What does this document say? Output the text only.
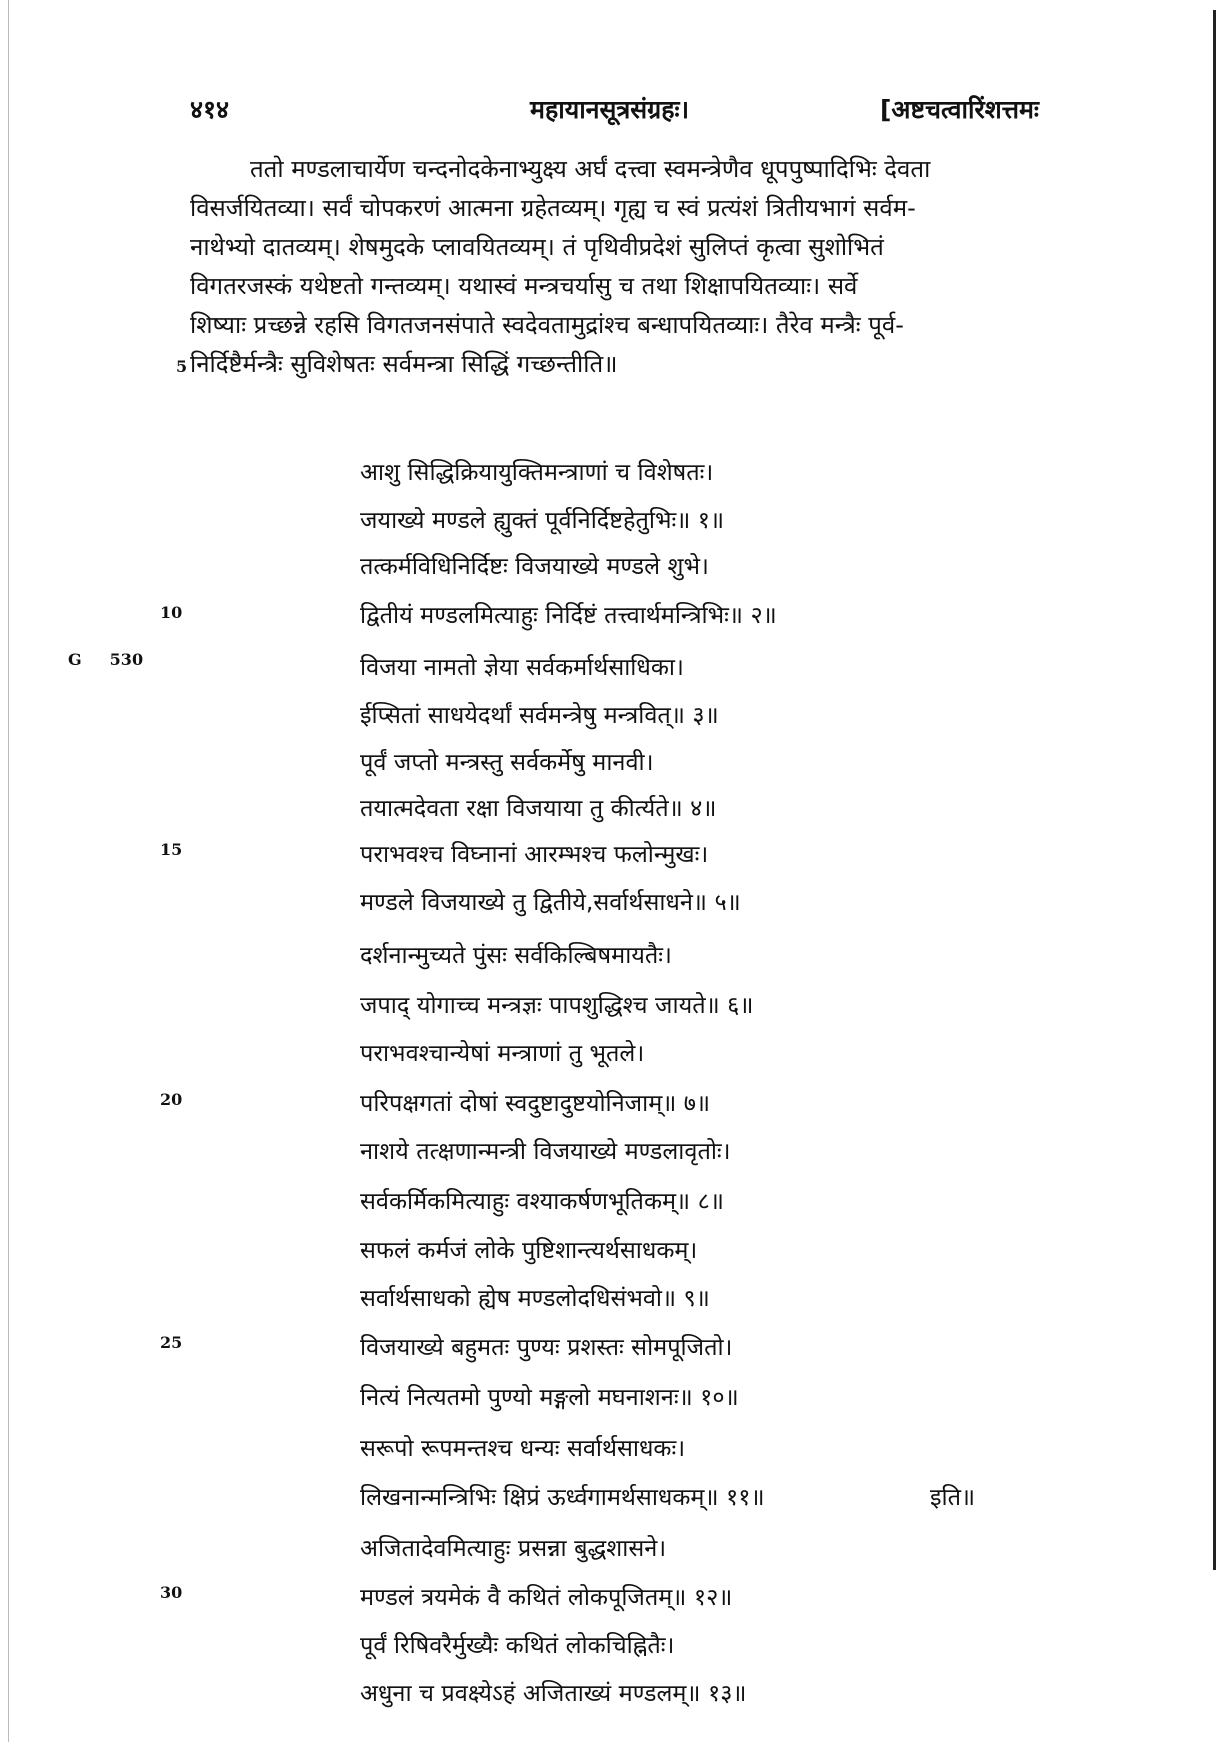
४१४	महायानसूत्रसंग्रहः।	[अष्टचत्वारिंशत्तमः
ततो मण्डलाचार्येण चन्दनोदकेनाभ्युक्ष्य अर्घं दत्त्वा स्वमन्त्रेणैव धूपपुष्पादिभिः देवता
विसर्जयितव्या। सर्वं चोपकरणं आत्मना ग्रहेतव्यम्। गृह्य च स्वं प्रत्यंशं त्रितीयभागं सर्वम-
नाथेभ्यो दातव्यम्। शेषमुदके प्लावयितव्यम्। तं पृथिवीप्रदेशं सुलिप्तं कृत्वा सुशोभितं
विगतरजस्कं यथेष्टतो गन्तव्यम्। यथास्वं मन्त्रचर्यासु च तथा शिक्षापयितव्याः। सर्वे
शिष्याः प्रच्छन्ने रहसि विगतजनसंपाते स्वदेवतामुद्रांश्च बन्धापयितव्याः। तैरेव मन्त्रैः पूर्व-
निर्दिष्टैर्मन्त्रैः सुविशेषतः सर्वमन्त्रा सिद्धिं गच्छन्तीति॥
5
10
15
20
25
30
G 530
आशु सिद्धिक्रियायुक्तिमन्त्राणां च विशेषतः।
जयाख्ये मण्डले ह्युक्तं पूर्वनिर्दिष्टहेतुभिः॥ १॥
तत्कर्मविधिनिर्दिष्टः विजयाख्ये मण्डले शुभे।
द्वितीयं मण्डलमित्याहुः निर्दिष्टं तत्त्वार्थमन्त्रिभिः॥ २॥
विजया नामतो ज्ञेया सर्वकर्मार्थसाधिका।
ईप्सितां साधयेदर्थां सर्वमन्त्रेषु मन्त्रवित्॥ ३॥
पूर्वं जप्तो मन्त्रस्तु सर्वकर्मेषु मानवी।
तयात्मदेवता रक्षा विजयाया तु कीर्त्यते॥ ४॥
पराभवश्च विघ्नानां आरम्भश्च फलोन्मुखः।
मण्डले विजयाख्ये तु द्वितीये,सर्वार्थसाधने॥ ५॥
दर्शनान्मुच्यते पुंसः सर्वकिल्बिषमायतैः।
जपाद् योगाच्च मन्त्रज्ञः पापशुद्धिश्च जायते॥ ६॥
पराभवश्चान्येषां मन्त्राणां तु भूतले।
परिपक्षगतां दोषां स्वदुष्टादुष्टयोनिजाम्॥ ७॥
नाशये तत्क्षणान्मन्त्री विजयाख्ये मण्डलावृतोः।
सर्वकर्मिकमित्याहुः वश्याकर्षणभूतिकम्॥ ८॥
सफलं कर्मजं लोके पुष्टिशान्त्यर्थसाधकम्।
सर्वार्थसाधको ह्येष मण्डलोदधिसंभवो॥ ९॥
विजयाख्ये बहुमतः पुण्यः प्रशस्तः सोमपूजितो।
नित्यं नित्यतमो पुण्यो मङ्गलो मघनाशनः॥ १०॥
सरूपो रूपमन्तश्च धन्यः सर्वार्थसाधकः।
लिखनान्मन्त्रिभिः क्षिप्रं ऊर्ध्वगामर्थसाधकम्॥ ११॥	इति॥
अजितादेवमित्याहुः प्रसन्ना बुद्धशासने।
मण्डलं त्रयमेकं वै कथितं लोकपूजितम्॥ १२॥
पूर्वं रिषिवरैर्मुख्यैः कथितं लोकचिह्नितैः।
अधुना च प्रवक्ष्येऽहं अजिताख्यं मण्डलम्॥ १३॥
